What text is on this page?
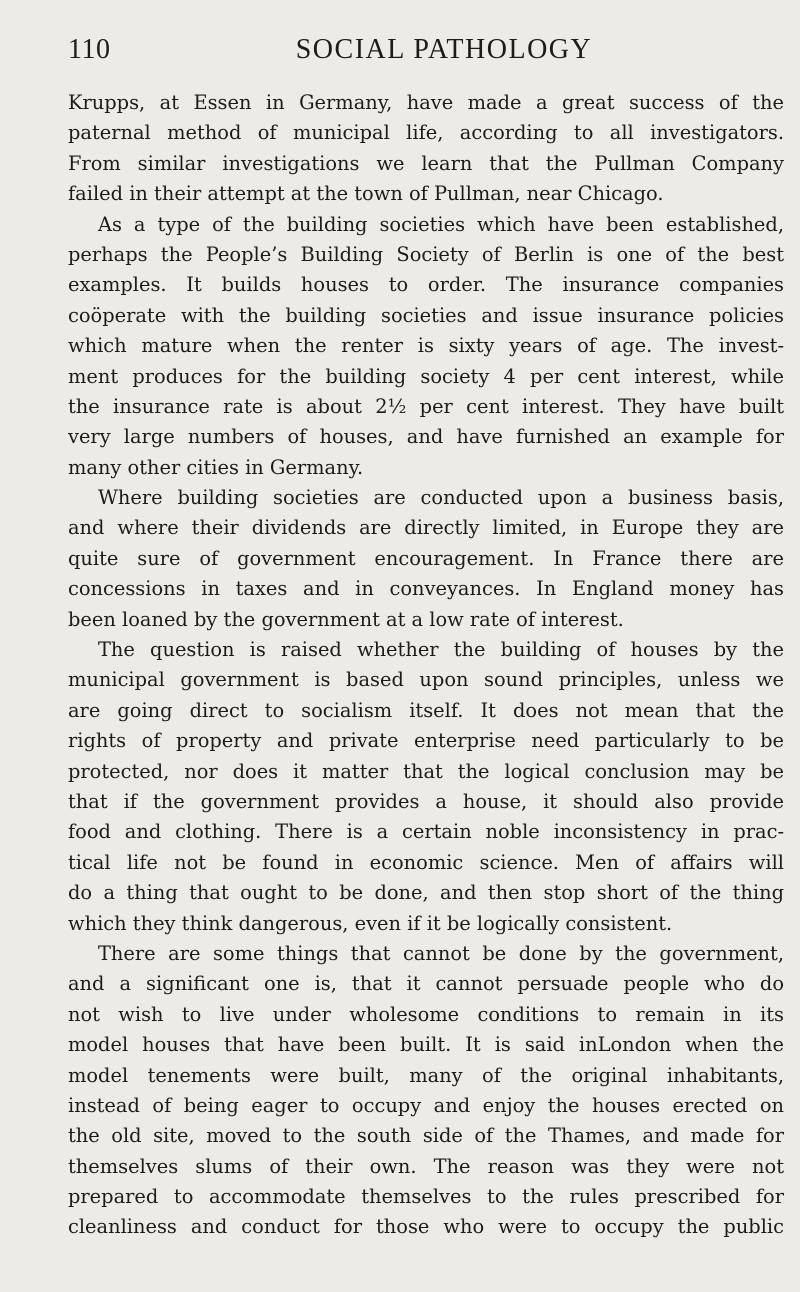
110	SOCIAL PATHOLOGY
Krupps, at Essen in Germany, have made a great success of the
paternal method of municipal life, according to all investigators.
From similar investigations we learn that the Pullman Company
failed in their attempt at the town of Pullman, near Chicago.
As a type of the building societies which have been established,
perhaps the People’s Building Society of Berlin is one of the best
examples. It builds houses to order. The insurance companies
coöperate with the building societies and issue insurance policies
which mature when the renter is sixty years of age. The invest-
ment produces for the building society 4 per cent interest, while
the insurance rate is about 2½ per cent interest. They have built
very large numbers of houses, and have furnished an example for
many other cities in Germany.
Where building societies are conducted upon a business basis,
and where their dividends are directly limited, in Europe they are
quite sure of government encouragement. In France there are
concessions in taxes and in conveyances. In England money has
been loaned by the government at a low rate of interest.
The question is raised whether the building of houses by the
municipal government is based upon sound principles, unless we
are going direct to socialism itself. It does not mean that the
rights of property and private enterprise need particularly to be
protected, nor does it matter that the logical conclusion may be
that if the government provides a house, it should also provide
food and clothing. There is a certain noble inconsistency in prac-
tical life not be found in economic science. Men of affairs will
do a thing that ought to be done, and then stop short of the thing
which they think dangerous, even if it be logically consistent.
There are some things that cannot be done by the government,
and a significant one is, that it cannot persuade people who do
not wish to live under wholesome conditions to remain in its
model houses that have been built. It is said inLondon when the
model tenements were built, many of the original inhabitants,
instead of being eager to occupy and enjoy the houses erected on
the old site, moved to the south side of the Thames, and made for
themselves slums of their own. The reason was they were not
prepared to accommodate themselves to the rules prescribed for
cleanliness and conduct for those who were to occupy the public
